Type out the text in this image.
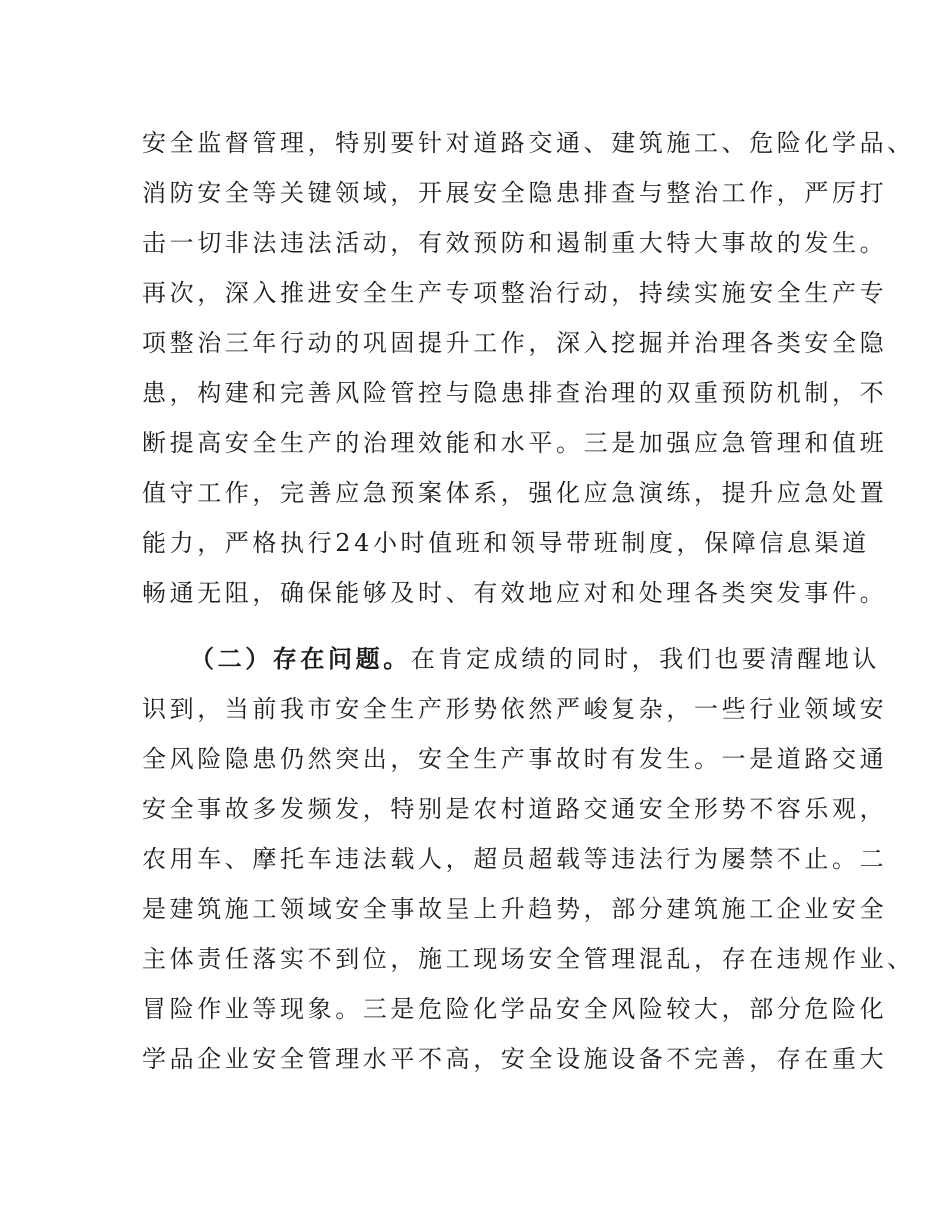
安全监督管理，特别要针对道路交通、建筑施工、危险化学品、
消防安全等关键领域，开展安全隐患排查与整治工作，严厉打
击一切非法违法活动，有效预防和遏制重大特大事故的发生。
再次，深入推进安全生产专项整治行动，持续实施安全生产专
项整治三年行动的巩固提升工作，深入挖掘并治理各类安全隐
患，构建和完善风险管控与隐患排查治理的双重预防机制，不
断提高安全生产的治理效能和水平。三是加强应急管理和值班
值守工作，完善应急预案体系，强化应急演练，提升应急处置
能力，严格执行24小时值班和领导带班制度，保障信息渠道
畅通无阻，确保能够及时、有效地应对和处理各类突发事件。
（二）存在问题。在肯定成绩的同时，我们也要清醒地认
识到，当前我市安全生产形势依然严峻复杂，一些行业领域安
全风险隐患仍然突出，安全生产事故时有发生。一是道路交通
安全事故多发频发，特别是农村道路交通安全形势不容乐观，
农用车、摩托车违法载人，超员超载等违法行为屡禁不止。二
是建筑施工领域安全事故呈上升趋势，部分建筑施工企业安全
主体责任落实不到位，施工现场安全管理混乱，存在违规作业、
冒险作业等现象。三是危险化学品安全风险较大，部分危险化
学品企业安全管理水平不高，安全设施设备不完善，存在重大
